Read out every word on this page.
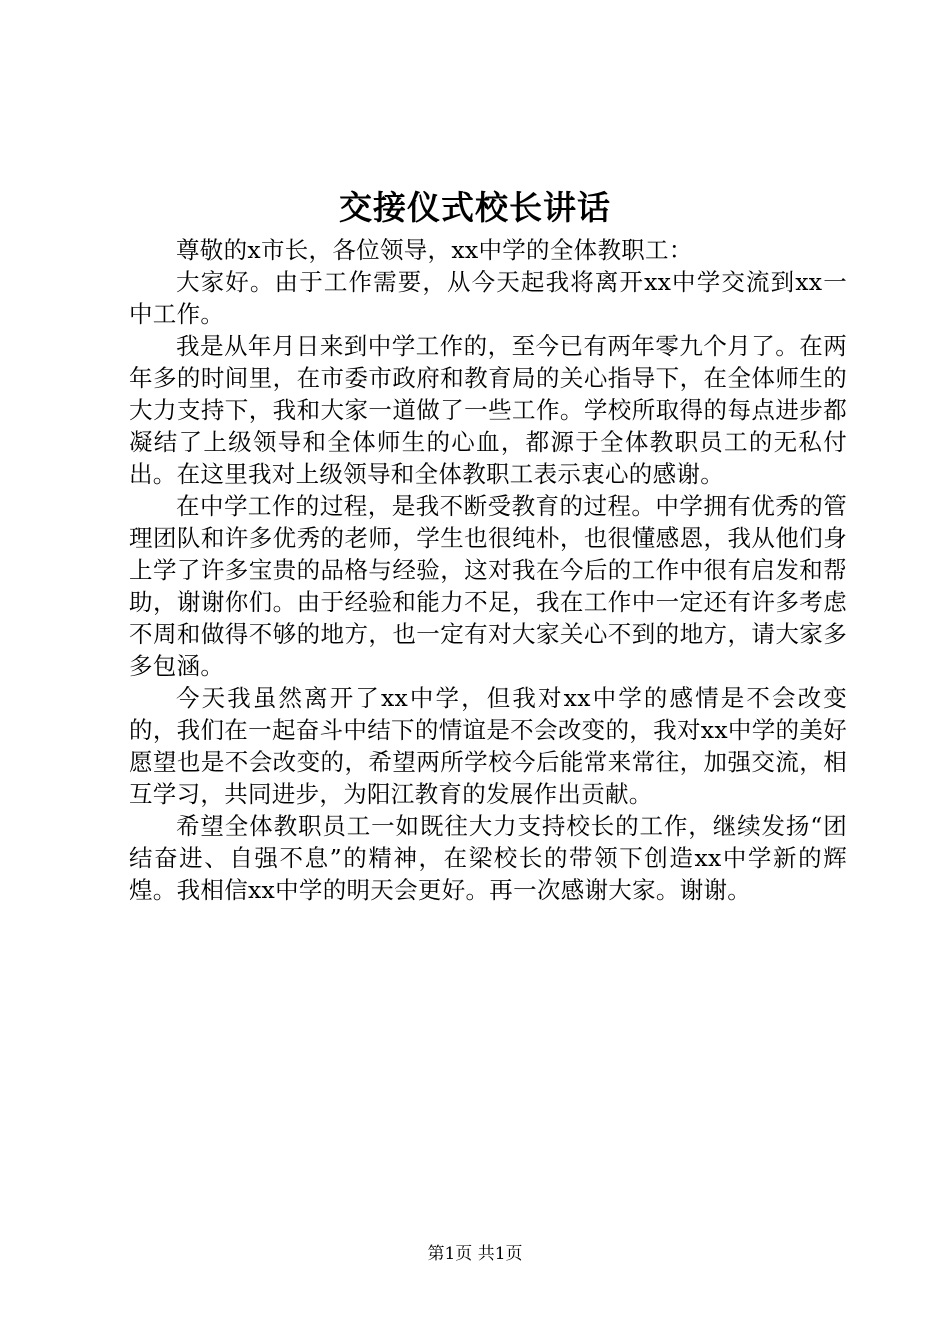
交接仪式校长讲话

尊敬的x市长，各位领导，xx中学的全体教职工：

大家好。由于工作需要，从今天起我将离开xx中学交流到xx一中工作。

我是从年月日来到中学工作的，至今已有两年零九个月了。在两年多的时间里，在市委市政府和教育局的关心指导下，在全体师生的大力支持下，我和大家一道做了一些工作。学校所取得的每点进步都凝结了上级领导和全体师生的心血，都源于全体教职员工的无私付出。在这里我对上级领导和全体教职工表示衷心的感谢。

在中学工作的过程，是我不断受教育的过程。中学拥有优秀的管理团队和许多优秀的老师，学生也很纯朴，也很懂感恩，我从他们身上学了许多宝贵的品格与经验，这对我在今后的工作中很有启发和帮助，谢谢你们。由于经验和能力不足，我在工作中一定还有许多考虑不周和做得不够的地方，也一定有对大家关心不到的地方，请大家多多包涵。

今天我虽然离开了xx中学，但我对xx中学的感情是不会改变的，我们在一起奋斗中结下的情谊是不会改变的，我对xx中学的美好愿望也是不会改变的，希望两所学校今后能常来常往，加强交流，相互学习，共同进步，为阳江教育的发展作出贡献。

希望全体教职员工一如既往大力支持校长的工作，继续发扬“团结奋进、自强不息”的精神，在梁校长的带领下创造xx中学新的辉煌。我相信xx中学的明天会更好。再一次感谢大家。谢谢。

第1页 共1页
